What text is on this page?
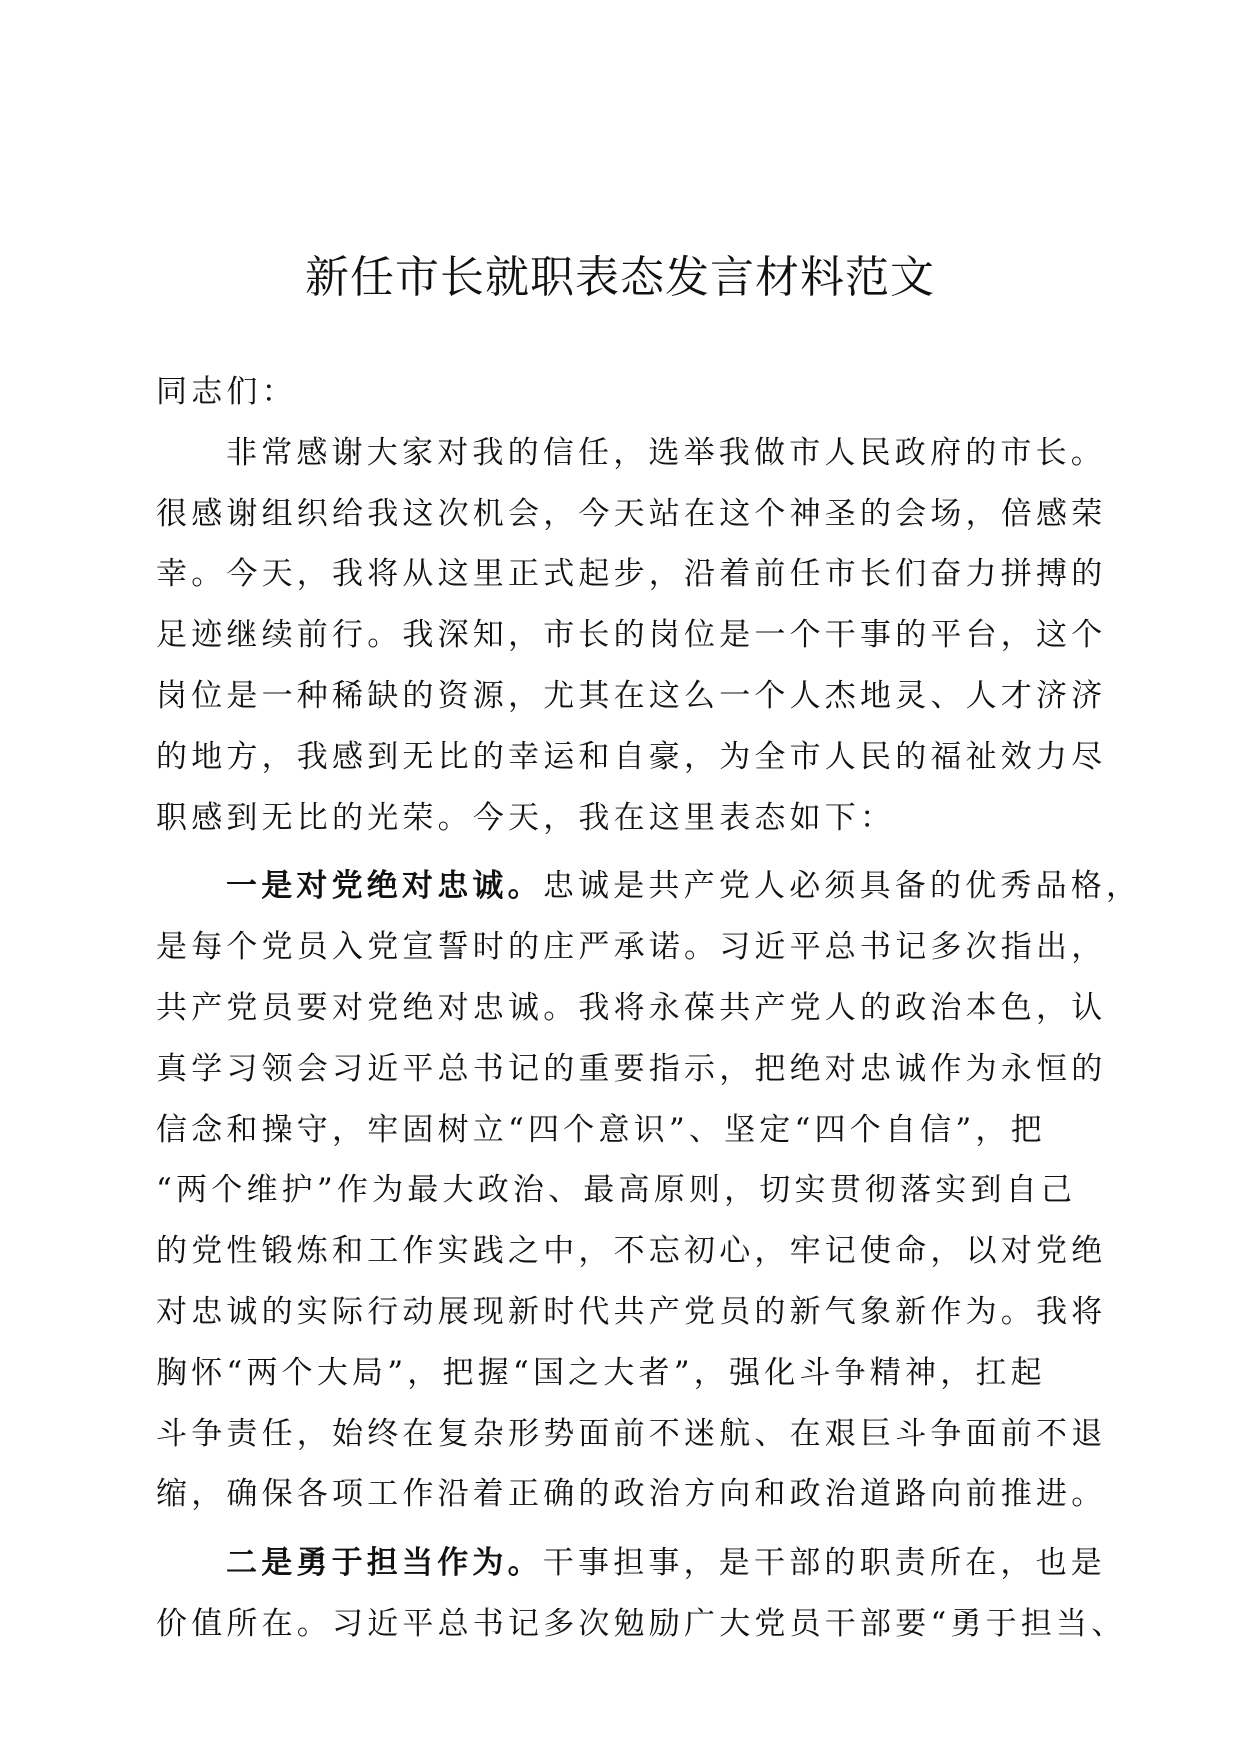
新任市长就职表态发言材料范文
同志们：
非常感谢大家对我的信任，选举我做市人民政府的市长。
很感谢组织给我这次机会，今天站在这个神圣的会场，倍感荣
幸。今天，我将从这里正式起步，沿着前任市长们奋力拼搏的
足迹继续前行。我深知，市长的岗位是一个干事的平台，这个
岗位是一种稀缺的资源，尤其在这么一个人杰地灵、人才济济
的地方，我感到无比的幸运和自豪，为全市人民的福祉效力尽
职感到无比的光荣。今天，我在这里表态如下：
一是对党绝对忠诚。忠诚是共产党人必须具备的优秀品格，
是每个党员入党宣誓时的庄严承诺。习近平总书记多次指出，
共产党员要对党绝对忠诚。我将永葆共产党人的政治本色，认
真学习领会习近平总书记的重要指示，把绝对忠诚作为永恒的
信念和操守，牢固树立“四个意识”、坚定“四个自信”，把
“两个维护”作为最大政治、最高原则，切实贯彻落实到自己
的党性锻炼和工作实践之中，不忘初心，牢记使命，以对党绝
对忠诚的实际行动展现新时代共产党员的新气象新作为。我将
胸怀“两个大局”，把握“国之大者”，强化斗争精神，扛起
斗争责任，始终在复杂形势面前不迷航、在艰巨斗争面前不退
缩，确保各项工作沿着正确的政治方向和政治道路向前推进。
二是勇于担当作为。干事担事，是干部的职责所在，也是
价值所在。习近平总书记多次勉励广大党员干部要“勇于担当、
